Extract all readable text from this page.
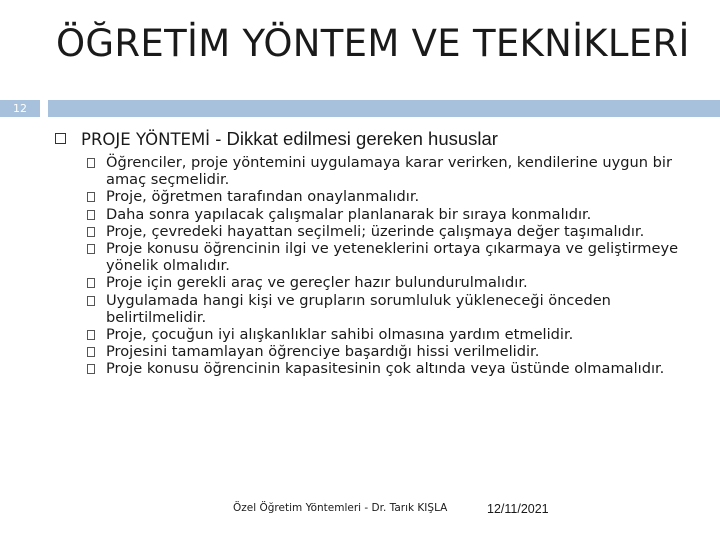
ÖĞRETİM YÖNTEM VE TEKNİKLERİ
12
PROJE YÖNTEMİ - Dikkat edilmesi gereken hususlar
Öğrenciler, proje yöntemini uygulamaya karar verirken, kendilerine uygun bir amaç seçmelidir.
Proje, öğretmen tarafından onaylanmalıdır.
Daha sonra yapılacak çalışmalar planlanarak bir sıraya konmalıdır.
Proje, çevredeki hayattan seçilmeli; üzerinde çalışmaya değer taşımalıdır.
Proje konusu öğrencinin ilgi ve yeteneklerini ortaya çıkarmaya ve geliştirmeye yönelik olmalıdır.
Proje için gerekli araç ve gereçler hazır bulundurulmalıdır.
Uygulamada hangi kişi ve grupların sorumluluk yükleneceği önceden belirtilmelidir.
Proje, çocuğun iyi alışkanlıklar sahibi olmasına yardım etmelidir.
Projesini tamamlayan öğrenciye başardığı hissi verilmelidir.
Proje konusu öğrencinin kapasitesinin çok altında veya üstünde olmamalıdır.
Özel Öğretim Yöntemleri - Dr. Tarık KIŞLA	12/11/2021
